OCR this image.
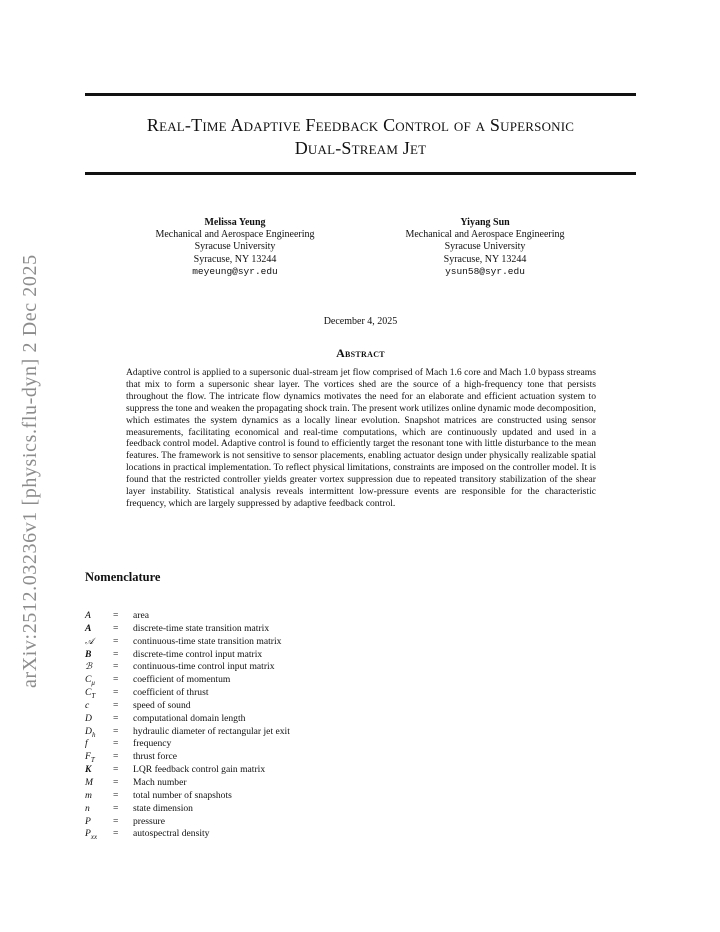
arXiv:2512.03236v1 [physics.flu-dyn] 2 Dec 2025
Real-Time Adaptive Feedback Control of a Supersonic
Dual-Stream Jet
Melissa Yeung
Mechanical and Aerospace Engineering
Syracuse University
Syracuse, NY 13244
meyeung@syr.edu
Yiyang Sun
Mechanical and Aerospace Engineering
Syracuse University
Syracuse, NY 13244
ysun58@syr.edu
December 4, 2025
Abstract
Adaptive control is applied to a supersonic dual-stream jet flow comprised of Mach 1.6 core and Mach 1.0 bypass streams that mix to form a supersonic shear layer. The vortices shed are the source of a high-frequency tone that persists throughout the flow. The intricate flow dynamics motivates the need for an elaborate and efficient actuation system to suppress the tone and weaken the propagating shock train. The present work utilizes online dynamic mode decomposition, which estimates the system dynamics as a locally linear evolution. Snapshot matrices are constructed using sensor measurements, facilitating economical and real-time computations, which are continuously updated and used in a feedback control model. Adaptive control is found to efficiently target the resonant tone with little disturbance to the mean features. The framework is not sensitive to sensor placements, enabling actuator design under physically realizable spatial locations in practical implementation. To reflect physical limitations, constraints are imposed on the controller model. It is found that the restricted controller yields greater vortex suppression due to repeated transitory stabilization of the shear layer instability. Statistical analysis reveals intermittent low-pressure events are responsible for the characteristic frequency, which are largely suppressed by adaptive feedback control.
Nomenclature
A	=	area
A	=	discrete-time state transition matrix
𝒜	=	continuous-time state transition matrix
B	=	discrete-time control input matrix
ℬ	=	continuous-time control input matrix
$C_\mu$	=	coefficient of momentum
$C_T$	=	coefficient of thrust
c	=	speed of sound
D	=	computational domain length
$D_h$	=	hydraulic diameter of rectangular jet exit
f	=	frequency
$F_T$	=	thrust force
K	=	LQR feedback control gain matrix
M	=	Mach number
m	=	total number of snapshots
n	=	state dimension
P	=	pressure
$P_{xx}$	=	autospectral density
